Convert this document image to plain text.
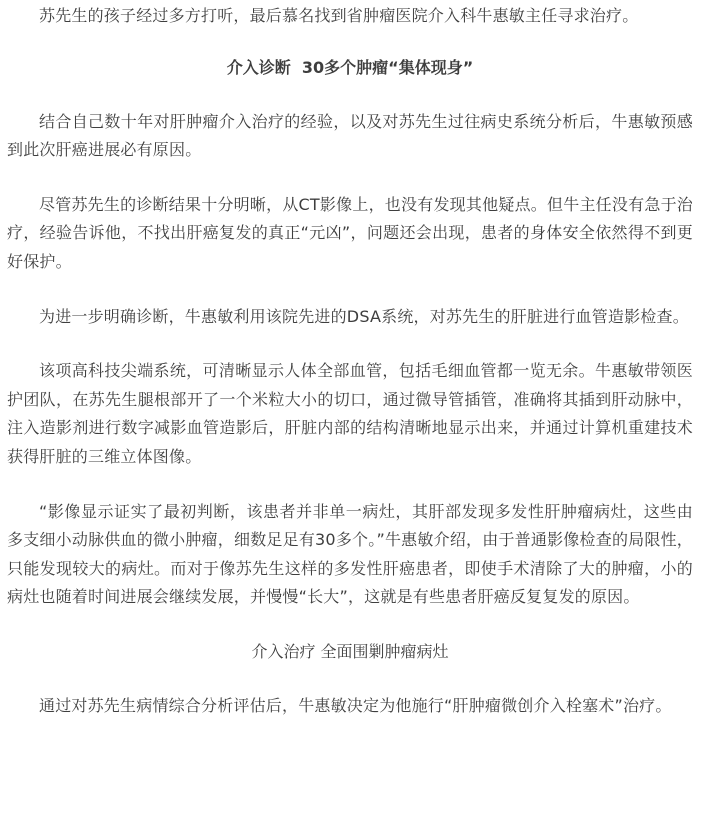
苏先生的孩子经过多方打听，最后慕名找到省肿瘤医院介入科牛惠敏主任寻求治疗。

介入诊断  30多个肿瘤“集体现身”

结合自己数十年对肝肿瘤介入治疗的经验，以及对苏先生过往病史系统分析后，牛惠敏预感到此次肝癌进展必有原因。

尽管苏先生的诊断结果十分明晰，从CT影像上，也没有发现其他疑点。但牛主任没有急于治疗，经验告诉他，不找出肝癌复发的真正“元凶”，问题还会出现，患者的身体安全依然得不到更好保护。

为进一步明确诊断，牛惠敏利用该院先进的DSA系统，对苏先生的肝脏进行血管造影检查。

该项高科技尖端系统，可清晰显示人体全部血管，包括毛细血管都一览无余。牛惠敏带领医护团队，在苏先生腿根部开了一个米粒大小的切口，通过微导管插管，准确将其插到肝动脉中，注入造影剂进行数字减影血管造影后，肝脏内部的结构清晰地显示出来，并通过计算机重建技术获得肝脏的三维立体图像。

“影像显示证实了最初判断，该患者并非单一病灶，其肝部发现多发性肝肿瘤病灶，这些由多支细小动脉供血的微小肿瘤，细数足足有30多个。”牛惠敏介绍，由于普通影像检查的局限性，只能发现较大的病灶。而对于像苏先生这样的多发性肝癌患者，即使手术清除了大的肿瘤，小的病灶也随着时间进展会继续发展，并慢慢“长大”，这就是有些患者肝癌反复复发的原因。

介入治疗 全面围剿肿瘤病灶

通过对苏先生病情综合分析评估后，牛惠敏决定为他施行“肝肿瘤微创介入栓塞术”治疗。
